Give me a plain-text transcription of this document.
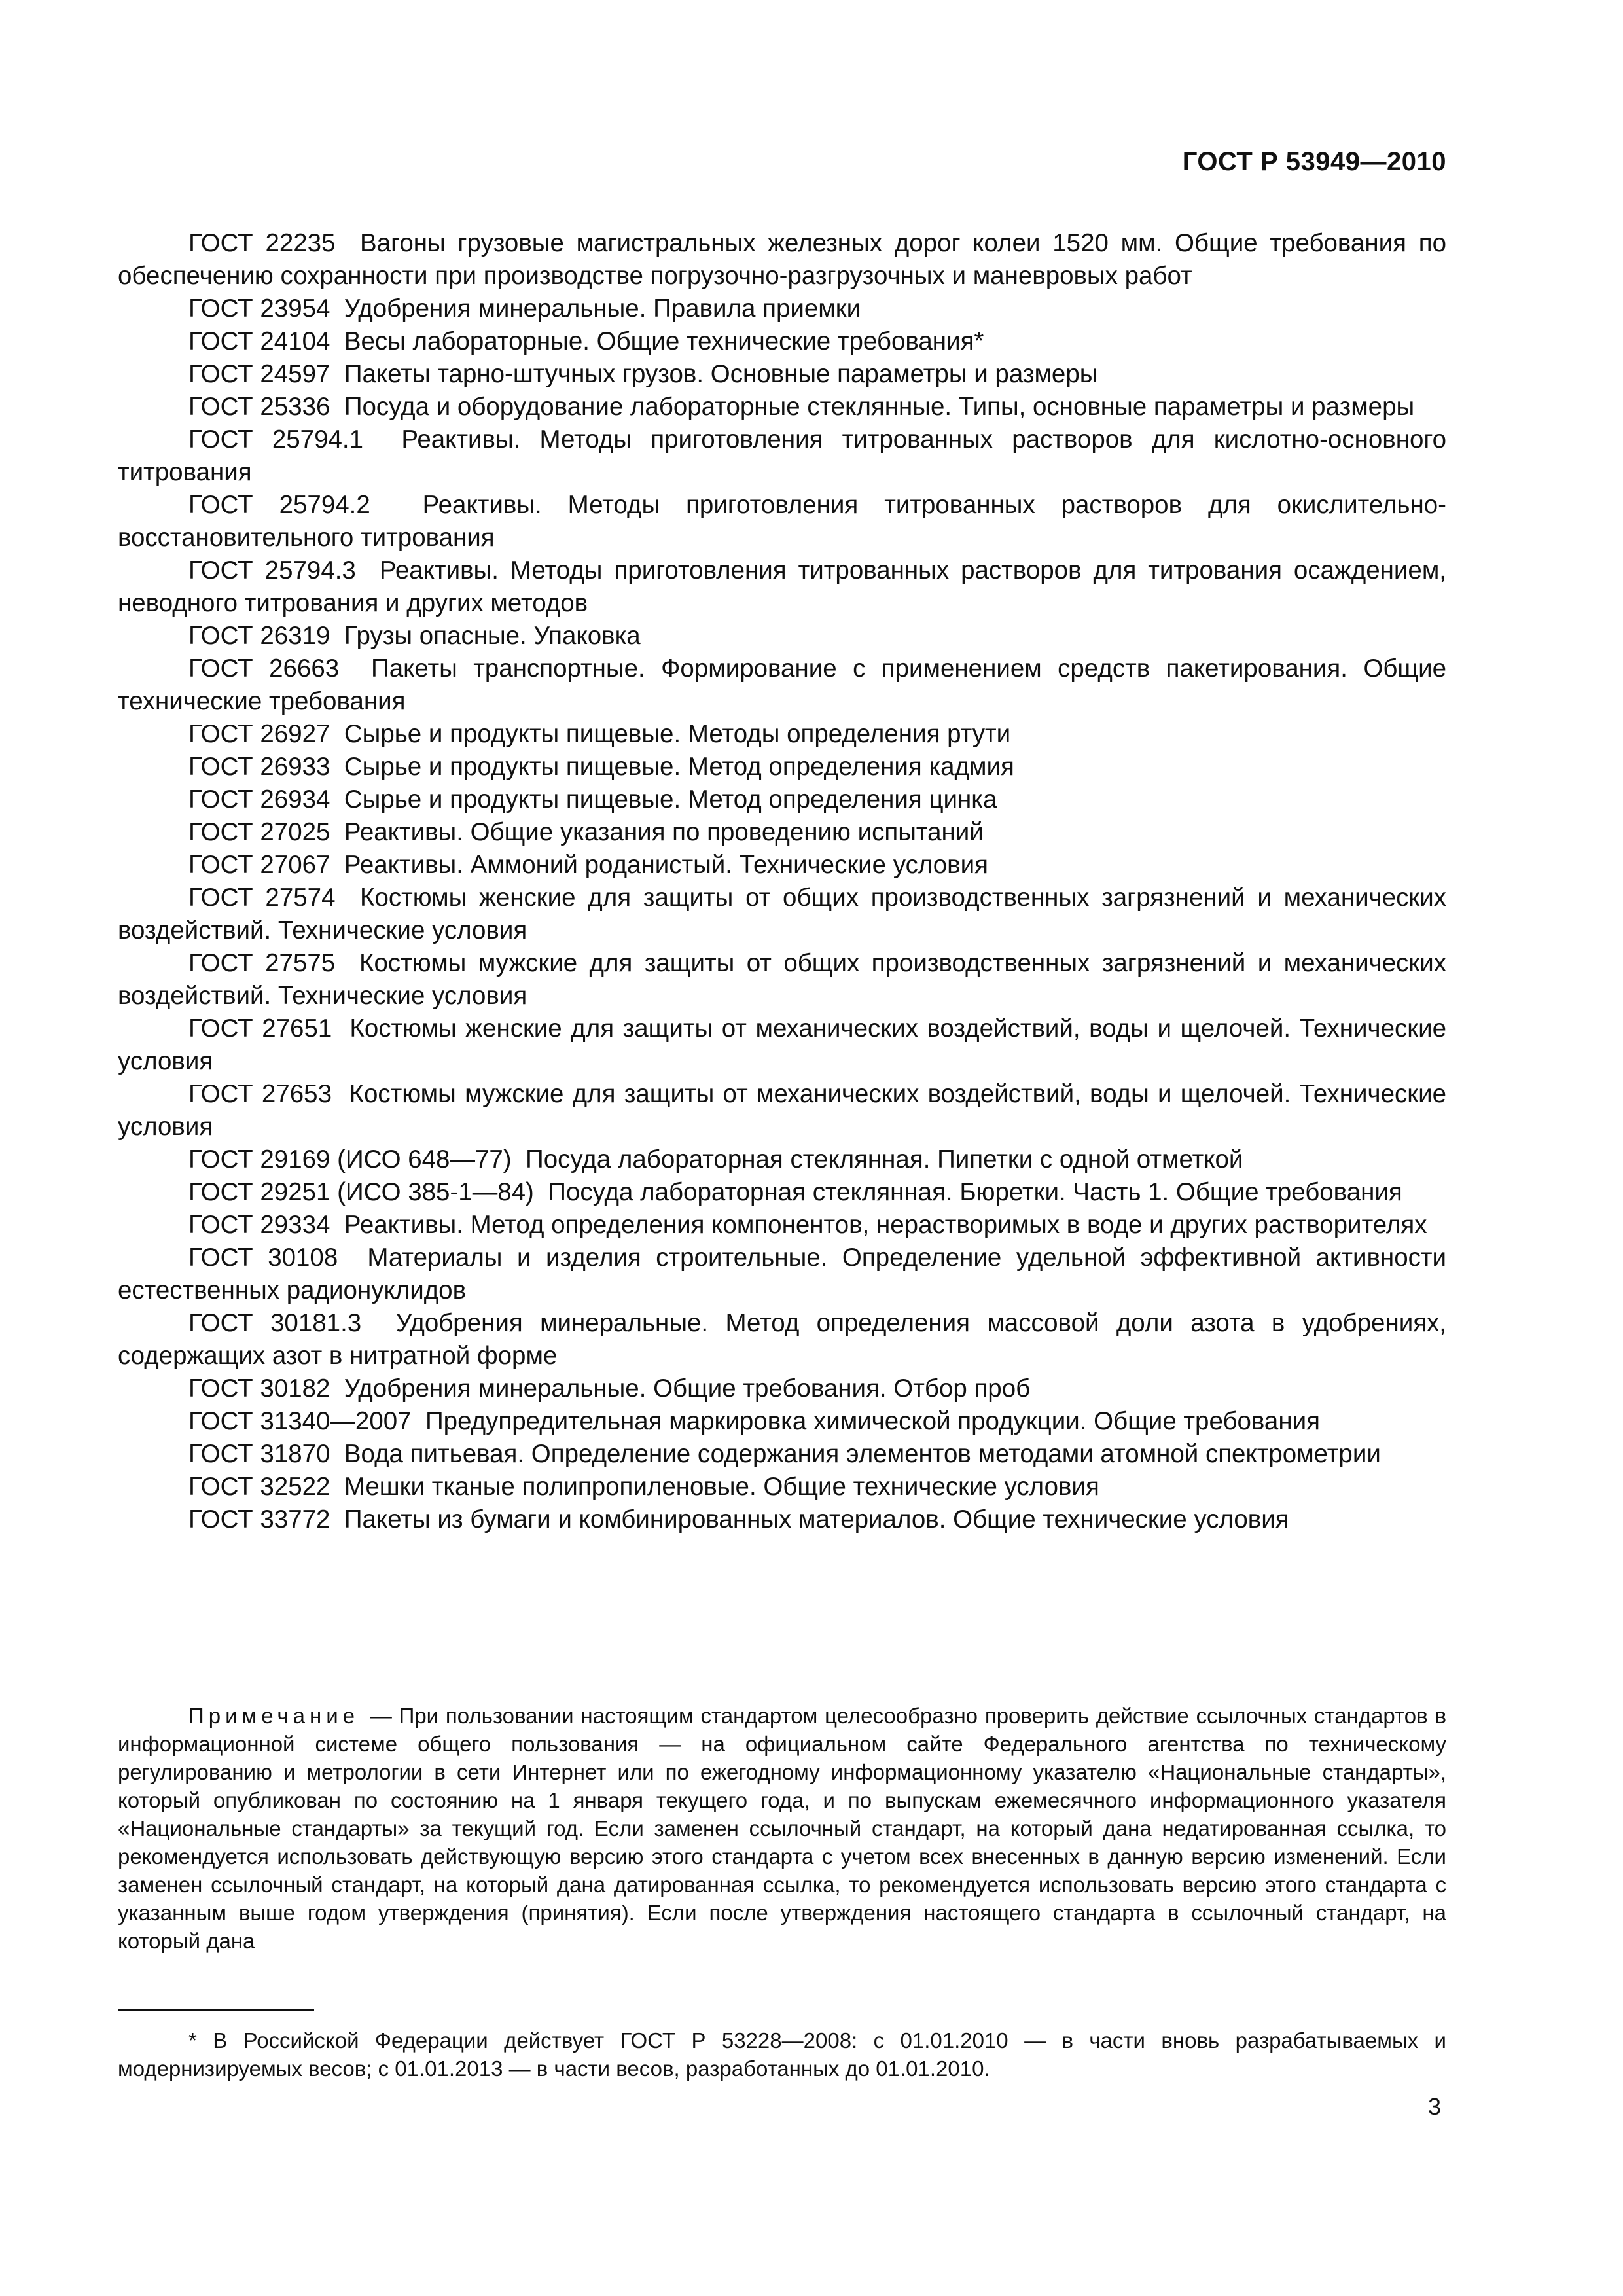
ГОСТ Р 53949—2010

ГОСТ 22235 Вагоны грузовые магистральных железных дорог колеи 1520 мм. Общие требования по обеспечению сохранности при производстве погрузочно-разгрузочных и маневровых работ

ГОСТ 23954 Удобрения минеральные. Правила приемки

ГОСТ 24104 Весы лабораторные. Общие технические требования*

ГОСТ 24597 Пакеты тарно-штучных грузов. Основные параметры и размеры

ГОСТ 25336 Посуда и оборудование лабораторные стеклянные. Типы, основные параметры и размеры

ГОСТ 25794.1 Реактивы. Методы приготовления титрованных растворов для кислотно-основного титрования

ГОСТ 25794.2 Реактивы. Методы приготовления титрованных растворов для окислительно-восстановительного титрования

ГОСТ 25794.3 Реактивы. Методы приготовления титрованных растворов для титрования осаждением, неводного титрования и других методов

ГОСТ 26319 Грузы опасные. Упаковка

ГОСТ 26663 Пакеты транспортные. Формирование с применением средств пакетирования. Общие технические требования

ГОСТ 26927 Сырье и продукты пищевые. Методы определения ртути

ГОСТ 26933 Сырье и продукты пищевые. Метод определения кадмия

ГОСТ 26934 Сырье и продукты пищевые. Метод определения цинка

ГОСТ 27025 Реактивы. Общие указания по проведению испытаний

ГОСТ 27067 Реактивы. Аммоний роданистый. Технические условия

ГОСТ 27574 Костюмы женские для защиты от общих производственных загрязнений и механических воздействий. Технические условия

ГОСТ 27575 Костюмы мужские для защиты от общих производственных загрязнений и механических воздействий. Технические условия

ГОСТ 27651 Костюмы женские для защиты от механических воздействий, воды и щелочей. Технические условия

ГОСТ 27653 Костюмы мужские для защиты от механических воздействий, воды и щелочей. Технические условия

ГОСТ 29169 (ИСО 648—77) Посуда лабораторная стеклянная. Пипетки с одной отметкой

ГОСТ 29251 (ИСО 385-1—84) Посуда лабораторная стеклянная. Бюретки. Часть 1. Общие требования

ГОСТ 29334 Реактивы. Метод определения компонентов, нерастворимых в воде и других растворителях

ГОСТ 30108 Материалы и изделия строительные. Определение удельной эффективной активности естественных радионуклидов

ГОСТ 30181.3 Удобрения минеральные. Метод определения массовой доли азота в удобрениях, содержащих азот в нитратной форме

ГОСТ 30182 Удобрения минеральные. Общие требования. Отбор проб

ГОСТ 31340—2007 Предупредительная маркировка химической продукции. Общие требования

ГОСТ 31870 Вода питьевая. Определение содержания элементов методами атомной спектрометрии

ГОСТ 32522 Мешки тканые полипропиленовые. Общие технические условия

ГОСТ 33772 Пакеты из бумаги и комбинированных материалов. Общие технические условия

Примечание — При пользовании настоящим стандартом целесообразно проверить действие ссылочных стандартов в информационной системе общего пользования — на официальном сайте Федерального агентства по техническому регулированию и метрологии в сети Интернет или по ежегодному информационному указателю «Национальные стандарты», который опубликован по состоянию на 1 января текущего года, и по выпускам ежемесячного информационного указателя «Национальные стандарты» за текущий год. Если заменен ссылочный стандарт, на который дана недатированная ссылка, то рекомендуется использовать действующую версию этого стандарта с учетом всех внесенных в данную версию изменений. Если заменен ссылочный стандарт, на который дана датированная ссылка, то рекомендуется использовать версию этого стандарта с указанным выше годом утверждения (принятия). Если после утверждения настоящего стандарта в ссылочный стандарт, на который дана

* В Российской Федерации действует ГОСТ Р 53228—2008: с 01.01.2010 — в части вновь разрабатываемых и модернизируемых весов; с 01.01.2013 — в части весов, разработанных до 01.01.2010.

3
